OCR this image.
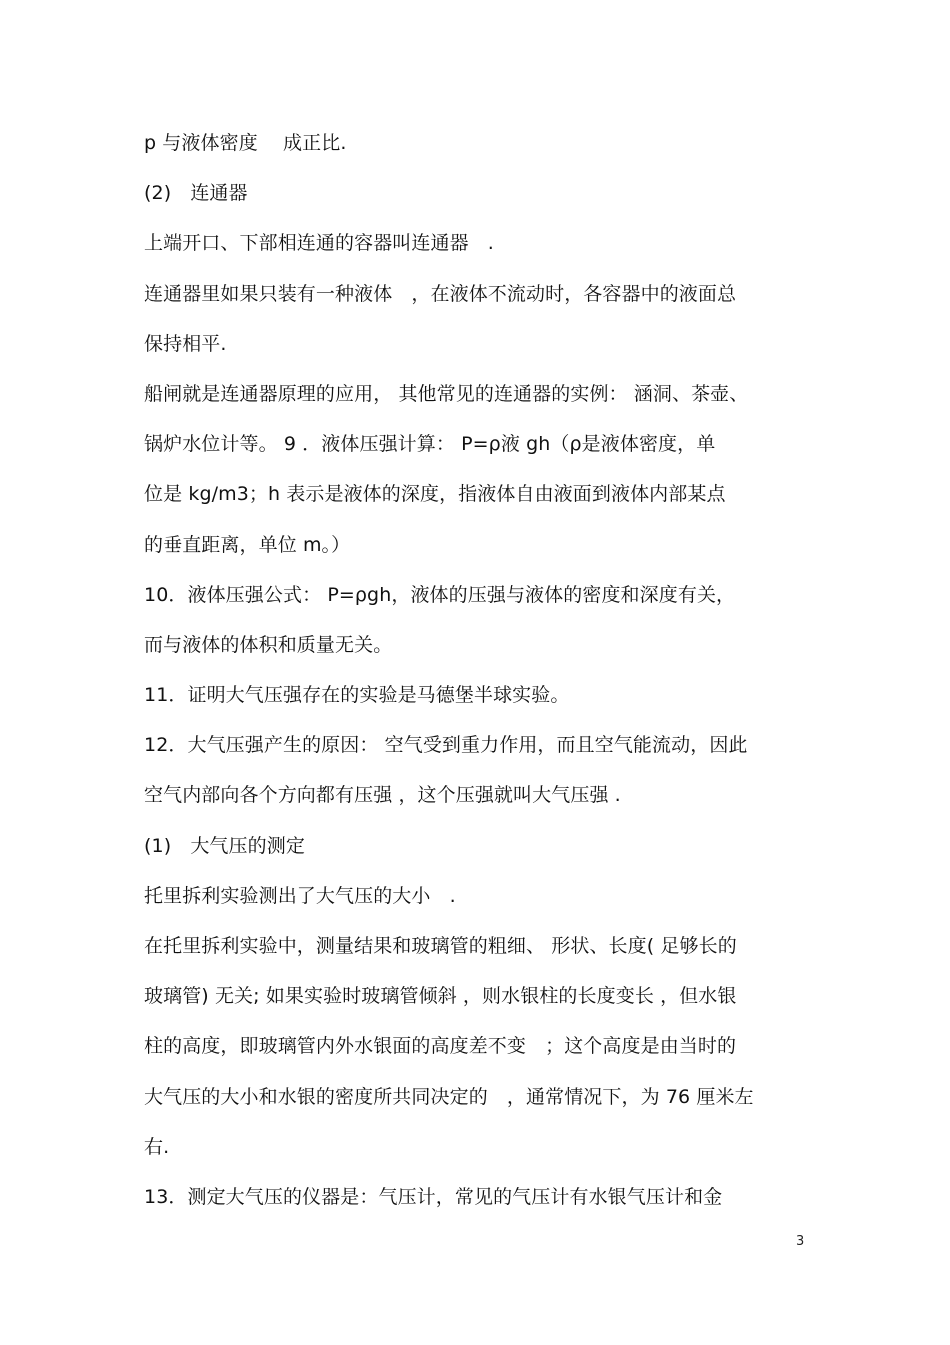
p 与液体密度　 成正比.
(2)　连通器
上端开口、下部相连通的容器叫连通器　.
连通器里如果只装有一种液体　，在液体不流动时，各容器中的液面总
保持相平.
船闸就是连通器原理的应用， 其他常见的连通器的实例： 涵洞、茶壶、
锅炉水位计等。 9 ．液体压强计算： P=ρ液 gh（ρ是液体密度，单
位是 kg/m3；h 表示是液体的深度，指液体自由液面到液体内部某点
的垂直距离，单位 m。）
10．液体压强公式： P=ρgh，液体的压强与液体的密度和深度有关，
而与液体的体积和质量无关。
11．证明大气压强存在的实验是马德堡半球实验。
12．大气压强产生的原因： 空气受到重力作用，而且空气能流动，因此
空气内部向各个方向都有压强 ，这个压强就叫大气压强 .
(1)　大气压的测定
托里拆利实验测出了大气压的大小　.
在托里拆利实验中，测量结果和玻璃管的粗细、 形状、长度( 足够长的
玻璃管) 无关; 如果实验时玻璃管倾斜 ，则水银柱的长度变长 ，但水银
柱的高度，即玻璃管内外水银面的高度差不变　；这个高度是由当时的
大气压的大小和水银的密度所共同决定的　，通常情况下，为 76 厘米左
右.
13．测定大气压的仪器是：气压计，常见的气压计有水银气压计和金
3
